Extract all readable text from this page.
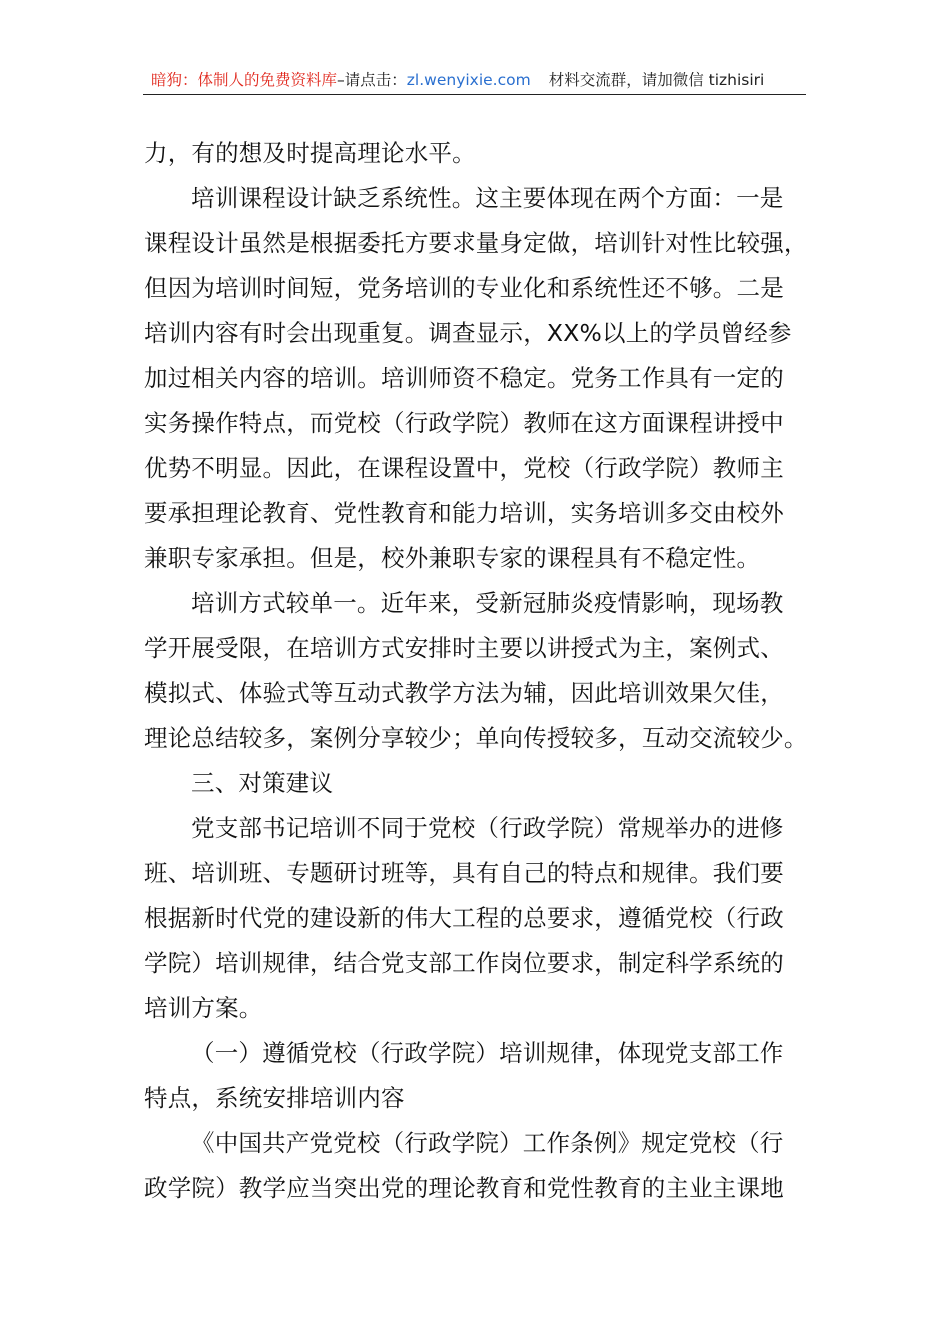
暗狗：体制人的免费资料库–请点击：zl.wenyixie.com 材料交流群，请加微信 tizhisiri

力，有的想及时提高理论水平。

培训课程设计缺乏系统性。这主要体现在两个方面：一是
课程设计虽然是根据委托方要求量身定做，培训针对性比较强，
但因为培训时间短，党务培训的专业化和系统性还不够。二是
培训内容有时会出现重复。调查显示，XX%以上的学员曾经参
加过相关内容的培训。培训师资不稳定。党务工作具有一定的
实务操作特点，而党校（行政学院）教师在这方面课程讲授中
优势不明显。因此，在课程设置中，党校（行政学院）教师主
要承担理论教育、党性教育和能力培训，实务培训多交由校外
兼职专家承担。但是，校外兼职专家的课程具有不稳定性。

培训方式较单一。近年来，受新冠肺炎疫情影响，现场教
学开展受限，在培训方式安排时主要以讲授式为主，案例式、
模拟式、体验式等互动式教学方法为辅，因此培训效果欠佳，
理论总结较多，案例分享较少；单向传授较多，互动交流较少。

三、对策建议

党支部书记培训不同于党校（行政学院）常规举办的进修
班、培训班、专题研讨班等，具有自己的特点和规律。我们要
根据新时代党的建设新的伟大工程的总要求，遵循党校（行政
学院）培训规律，结合党支部工作岗位要求，制定科学系统的
培训方案。

（一）遵循党校（行政学院）培训规律，体现党支部工作
特点，系统安排培训内容

《中国共产党党校（行政学院）工作条例》规定党校（行
政学院）教学应当突出党的理论教育和党性教育的主业主课地
